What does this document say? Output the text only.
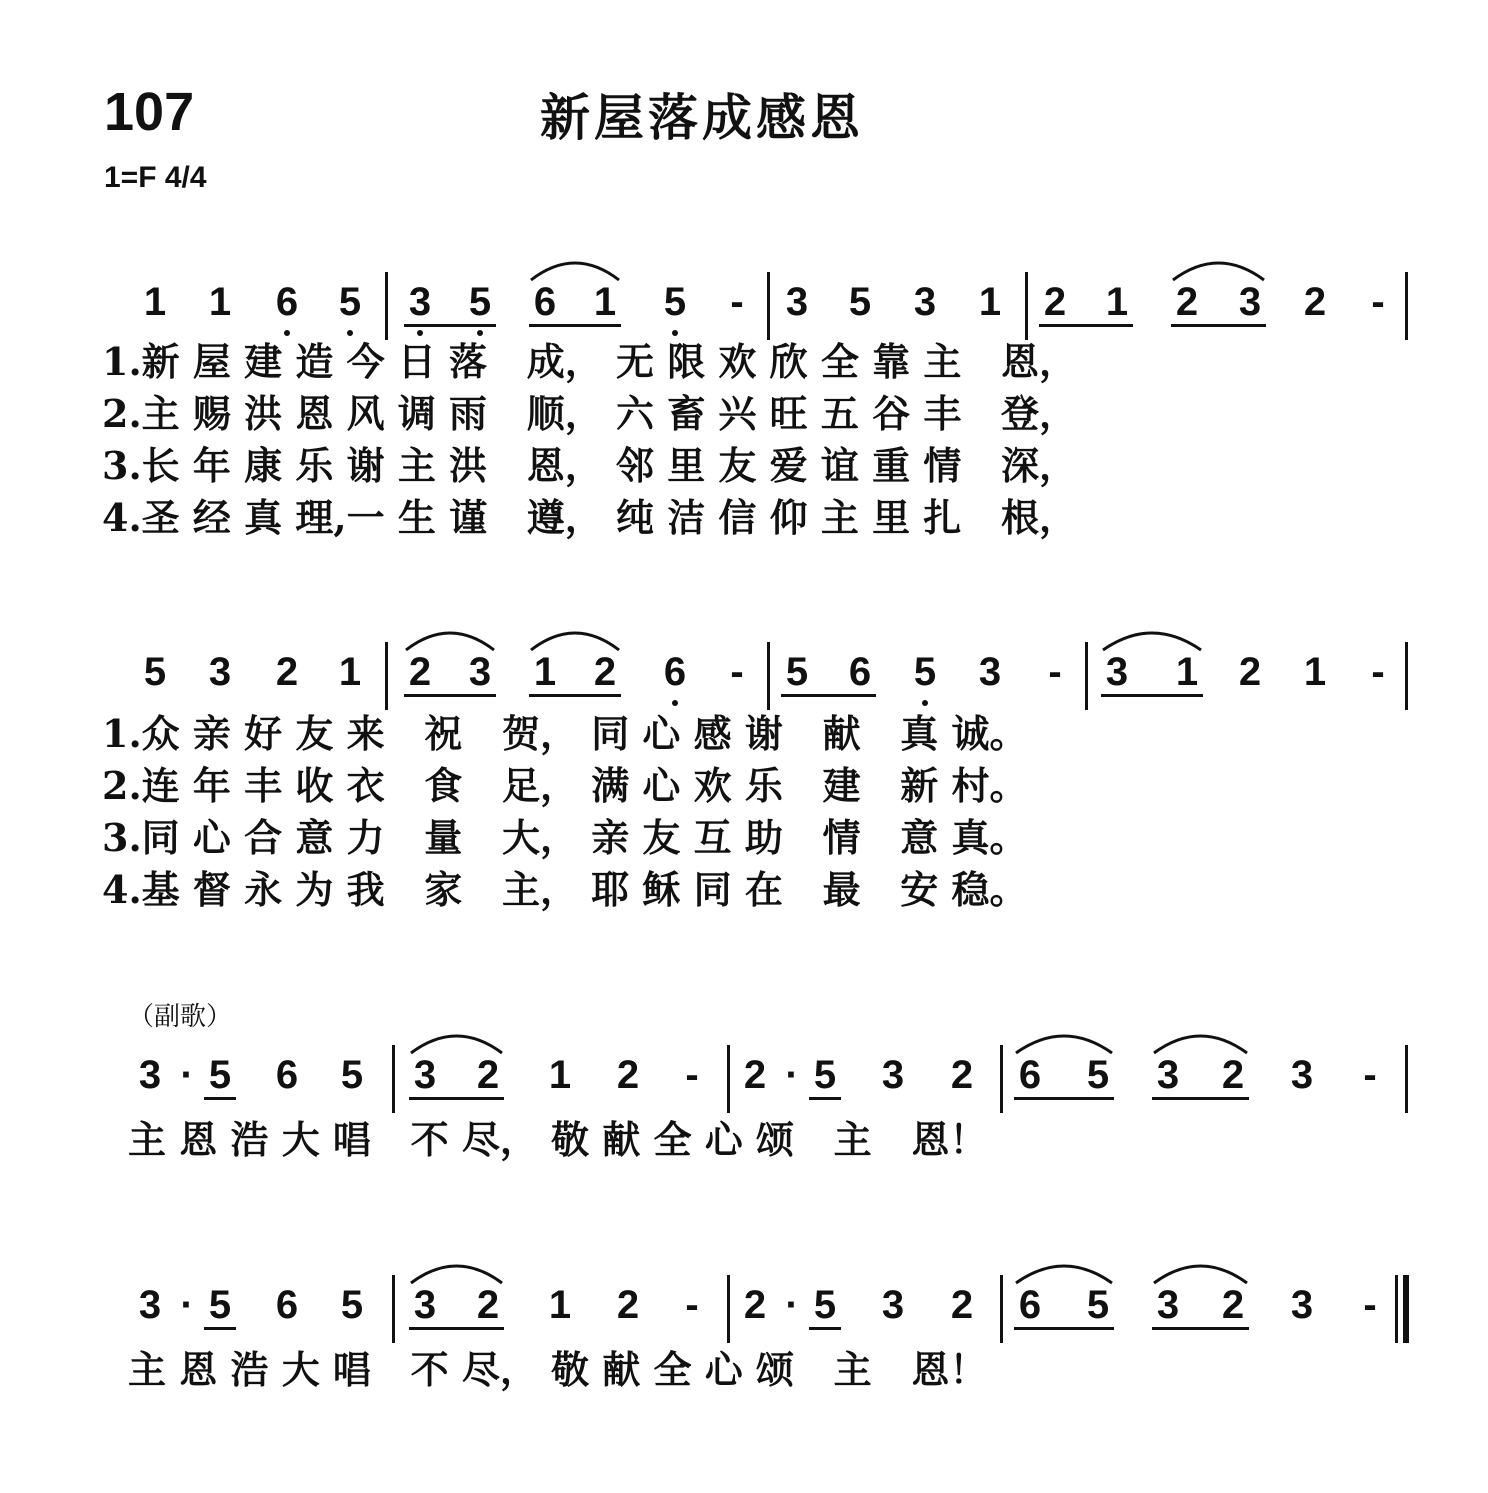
107	新屋落成感恩
1=F 4/4
1 1 6 5 3 5 6 1 5	-	3 5 3 1 2 1 2 3 2	-
1.新 屋 建 造 今 日 落   成， 无 限 欢 欣 全 靠 主   恩，
2.主 赐 洪 恩 风 调 雨   顺， 六 畜 兴 旺 五 谷 丰   登，
3.长 年 康 乐 谢 主 洪   恩， 邻 里 友 爱 谊 重 情   深，
4.圣 经 真 理,一 生 谨   遵， 纯 洁 信 仰 主 里 扎   根，
5 3 2 1 2 3 1 2 6	-	5 6 5 3	-	3 1 2 1	-
1.众 亲 好 友 来   祝   贺， 同 心 感 谢   献   真 诚。
2.连 年 丰 收 衣   食   足， 满 心 欢 乐   建   新 村。
3.同 心 合 意 力   量   大， 亲 友 互 助   情   意 真。
4.基 督 永 为 我   家   主， 耶 稣 同 在   最   安 稳。
3 · 5 6 5 3 2 1 2	-	2 · 5 3 2 6 5 3 2 3	-
主 恩 浩 大 唱   不 尽， 敬 献 全 心 颂   主   恩！
（副歌）
3 · 5 6 5 3 2 1 2	-	2 · 5 3 2 6 5 3 2 3	-
主 恩 浩 大 唱   不 尽， 敬 献 全 心 颂   主   恩！
